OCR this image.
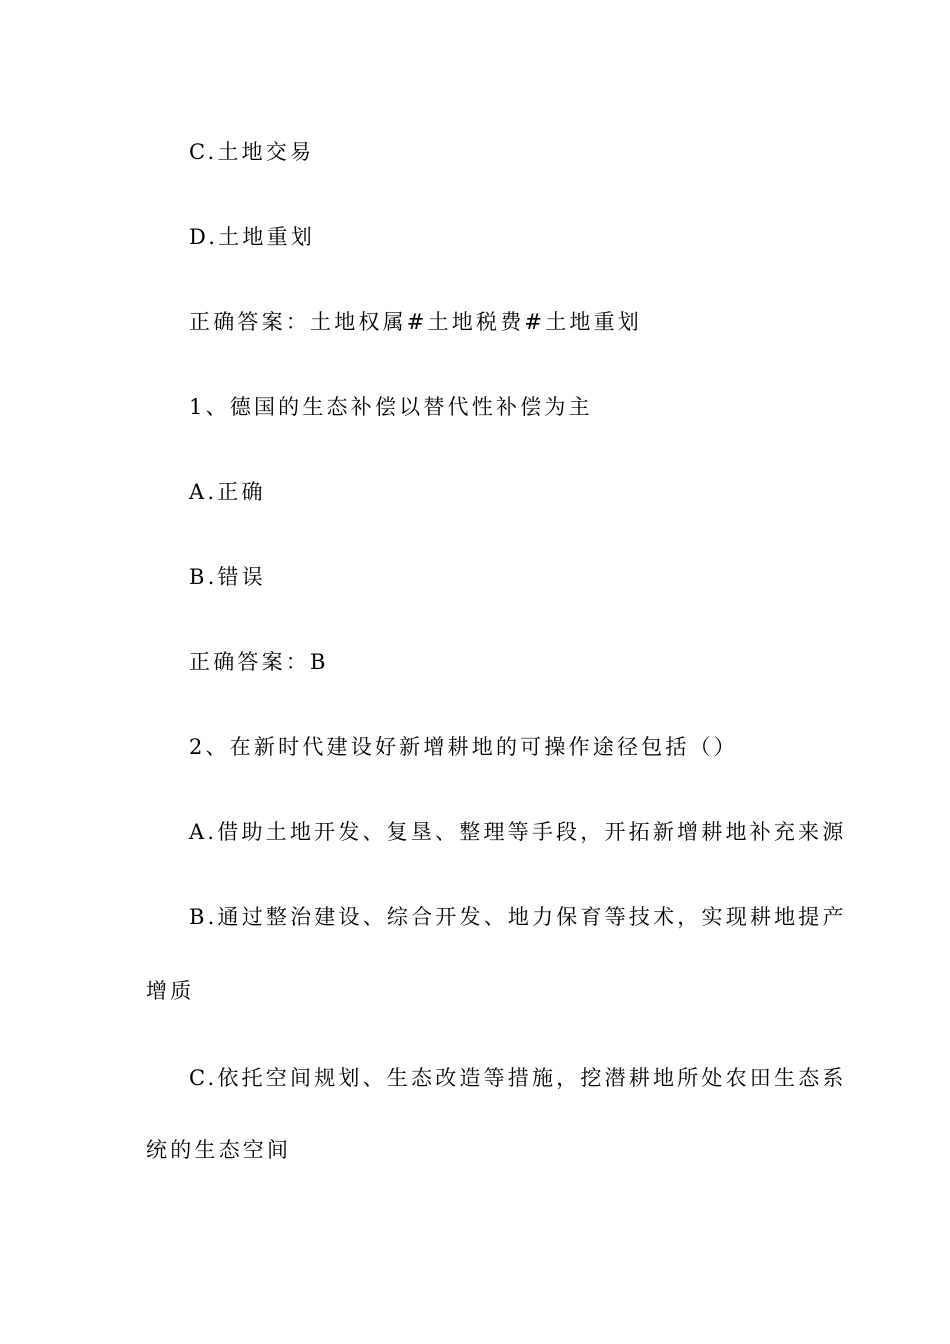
C.土地交易
D.土地重划
正确答案：土地权属#土地税费#土地重划
1、德国的生态补偿以替代性补偿为主
A.正确
B.错误
正确答案：B
2、在新时代建设好新增耕地的可操作途径包括（）
A.借助土地开发、复垦、整理等手段，开拓新增耕地补充来源
B.通过整治建设、综合开发、地力保育等技术，实现耕地提产
增质
C.依托空间规划、生态改造等措施，挖潜耕地所处农田生态系
统的生态空间
